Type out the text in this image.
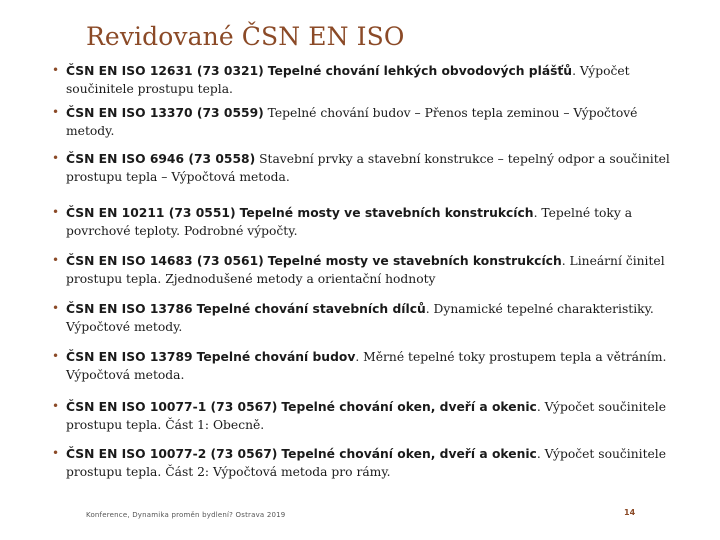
Revidované ČSN EN ISO
• ČSN EN ISO 12631 (73 0321) Tepelné chování lehkých obvodových plášťů. Výpočet součinitele prostupu tepla.
• ČSN EN ISO 13370 (73 0559) Tepelné chování budov – Přenos tepla zeminou – Výpočtové metody.
• ČSN EN ISO 6946 (73 0558) Stavební prvky a stavební konstrukce – tepelný odpor a součinitel prostupu tepla – Výpočtová metoda.
• ČSN EN 10211 (73 0551) Tepelné mosty ve stavebních konstrukcích. Tepelné toky a povrchové teploty. Podrobné výpočty.
• ČSN EN ISO 14683 (73 0561) Tepelné mosty ve stavebních konstrukcích. Lineární činitel prostupu tepla. Zjednodušené metody a orientační hodnoty
• ČSN EN ISO 13786 Tepelné chování stavebních dílců. Dynamické tepelné charakteristiky. Výpočtové metody.
• ČSN EN ISO 13789 Tepelné chování budov. Měrné tepelné toky prostupem tepla a větráním. Výpočtová metoda.
• ČSN EN ISO 10077-1 (73 0567) Tepelné chování oken, dveří a okenic. Výpočet součinitele prostupu tepla. Část 1: Obecně.
• ČSN EN ISO 10077-2 (73 0567) Tepelné chování oken, dveří a okenic. Výpočet součinitele prostupu tepla. Část 2: Výpočtová metoda pro rámy.
Konference, Dynamika proměn bydlení? Ostrava 2019	14
